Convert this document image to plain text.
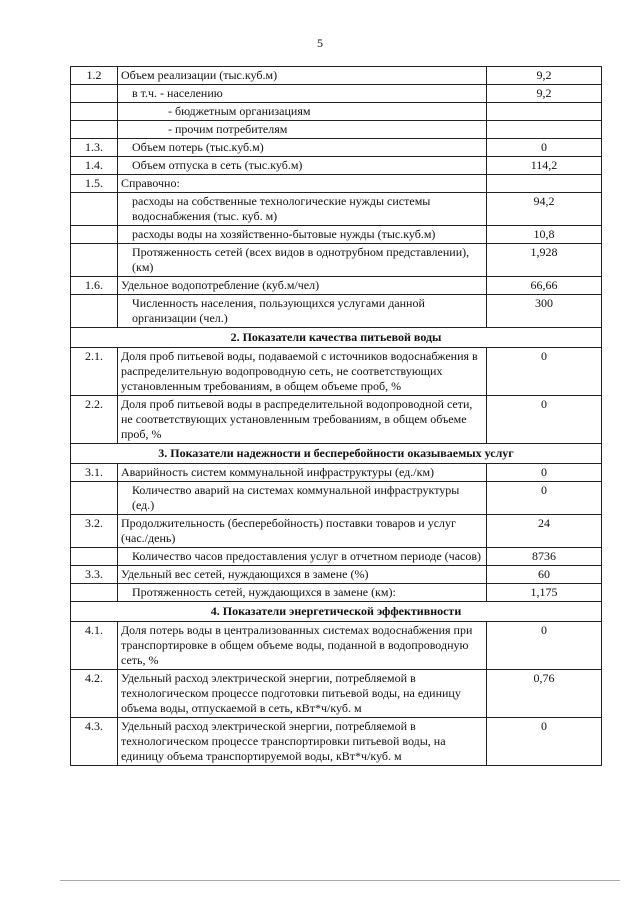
5
1.2	Объем реализации (тыс.куб.м)	9,2
	в т.ч. - населению	9,2
	- бюджетным организациям	
	- прочим потребителям	
1.3.	Объем потерь (тыс.куб.м)	0
1.4.	Объем отпуска в сеть (тыс.куб.м)	114,2
1.5.	Справочно:	
	расходы на собственные технологические нужды системы водоснабжения (тыс. куб. м)	94,2
	расходы воды на хозяйственно-бытовые нужды (тыс.куб.м)	10,8
	Протяженность сетей (всех видов в однотрубном представлении), (км)	1,928
1.6.	Удельное водопотребление (куб.м/чел)	66,66
	Численность населения, пользующихся услугами данной организации (чел.)	300
2. Показатели качества питьевой воды		
2.1.	Доля проб питьевой воды, подаваемой с источников водоснабжения в распределительную водопроводную сеть, не соответствующих установленным требованиям, в общем объеме проб, %	0
2.2.	Доля проб питьевой воды в распределительной водопроводной сети, не соответствующих установленным требованиям, в общем объеме проб, %	0
3. Показатели надежности и бесперебойности оказываемых услуг		
3.1.	Аварийность систем коммунальной инфраструктуры (ед./км)	0
	Количество аварий на системах коммунальной инфраструктуры (ед.)	0
3.2.	Продолжительность (бесперебойность) поставки товаров и услуг (час./день)	24
	Количество часов предоставления услуг в отчетном периоде (часов)	8736
3.3.	Удельный вес сетей, нуждающихся в замене (%)	60
	Протяженность сетей, нуждающихся в замене (км):	1,175
4. Показатели энергетической эффективности		
4.1.	Доля потерь воды в централизованных системах водоснабжения при транспортировке в общем объеме воды, поданной в водопроводную сеть, %	0
4.2.	Удельный расход электрической энергии, потребляемой в технологическом процессе подготовки питьевой воды, на единицу объема воды, отпускаемой в сеть, кВт*ч/куб. м	0,76
4.3.	Удельный расход электрической энергии, потребляемой в технологическом процессе транспортировки питьевой воды, на единицу объема транспортируемой воды, кВт*ч/куб. м	0
